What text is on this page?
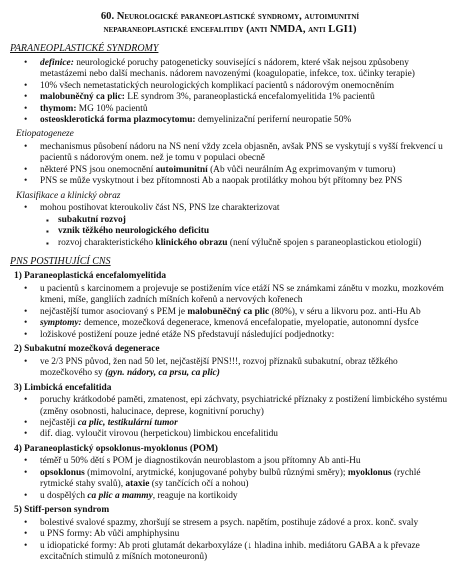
60. Neurologické paraneoplastické syndromy, autoimunitní
neparaneoplastické encefalitidy (anti NMDA, anti LGI1)
PARANEOPLASTICKÉ SYNDROMY
• definice: neurologické poruchy patogeneticky související s nádorem, které však nejsou způsobeny metastázemi nebo další mechanis. nádorem navozenými (koagulopatie, infekce, tox. účinky terapie)
• 10% všech nemetastatických neurologických komplikací pacientů s nádorovým onemocněním
• malobuněčný ca plic: LE syndrom 3%, paraneoplastická encefalomyelitida 1% pacientů
• thymom: MG 10% pacientů
• osteosklerotická forma plazmocytomu: demyelinizační periferní neuropatie 50%
Etiopatogeneze
• mechanismus působení nádoru na NS není vždy zcela objasněn, avšak PNS se vyskytují s vyšší frekvencí u pacientů s nádorovým onem. než je tomu v populaci obecně
• některé PNS jsou onemocnění autoimunitní (Ab vůči neurálním Ag exprimovaným v tumoru)
• PNS se může vyskytnout i bez přítomnosti Ab a naopak protilátky mohou být přítomny bez PNS
Klasifikace a klinický obraz
• mohou postihovat kteroukoliv část NS, PNS lze charakterizovat
▪ subakutní rozvoj
▪ vznik těžkého neurologického deficitu
▪ rozvoj charakteristického klinického obrazu (není výlučně spojen s paraneoplastickou etiologií)
PNS POSTIHUJÍCÍ CNS
1) Paraneoplastická encefalomyelitida
• u pacientů s karcinomem a projevuje se postižením více etáží NS se známkami zánětu v mozku, mozkovém kmeni, míše, gangliích zadních míšních kořenů a nervových kořenech
• nejčastější tumor asociovaný s PEM je malobuněčný ca plic (80%), v séru a likvoru poz. anti-Hu Ab
• symptomy: demence, mozečková degenerace, kmenová encefalopatie, myelopatie, autonomní dysfce
• ložiskové postižení pouze jedné etáže NS představují následující podjednotky:
2) Subakutní mozečková degenerace
• ve 2/3 PNS původ, žen nad 50 let, nejčastější PNS!!!, rozvoj příznaků subakutní, obraz těžkého mozečkového sy (gyn. nádory, ca prsu, ca plic)
3) Limbická encefalitida
• poruchy krátkodobé paměti, zmatenost, epi záchvaty, psychiatrické příznaky z postižení limbického systému (změny osobnosti, halucinace, deprese, kognitivní poruchy)
• nejčastěji ca plic, testikulární tumor
• dif. diag. vyloučit virovou (herpetickou) limbickou encefalitidu
4) Paraneoplastický opsoklonus-myoklonus (POM)
• téměř u 50% dětí s POM je diagnostikován neuroblastom a jsou přítomny Ab anti-Hu
• opsoklonus (mimovolní, arytmické, konjugované pohyby bulbů různými směry); myoklonus (rychlé rytmické stahy svalů), ataxie (sy tančících očí a nohou)
• u dospělých ca plic a mammy, reaguje na kortikoidy
5) Stiff-person syndrom
• bolestivé svalové spazmy, zhoršují se stresem a psych. napětím, postihuje zádové a prox. konč. svaly
• u PNS formy: Ab vůči amphiphysinu
• u idiopatické formy: Ab proti glutamát dekarboxyláze (↓ hladina inhib. mediátoru GABA a k převaze excitačních stimulů z míšních motoneuronů)
